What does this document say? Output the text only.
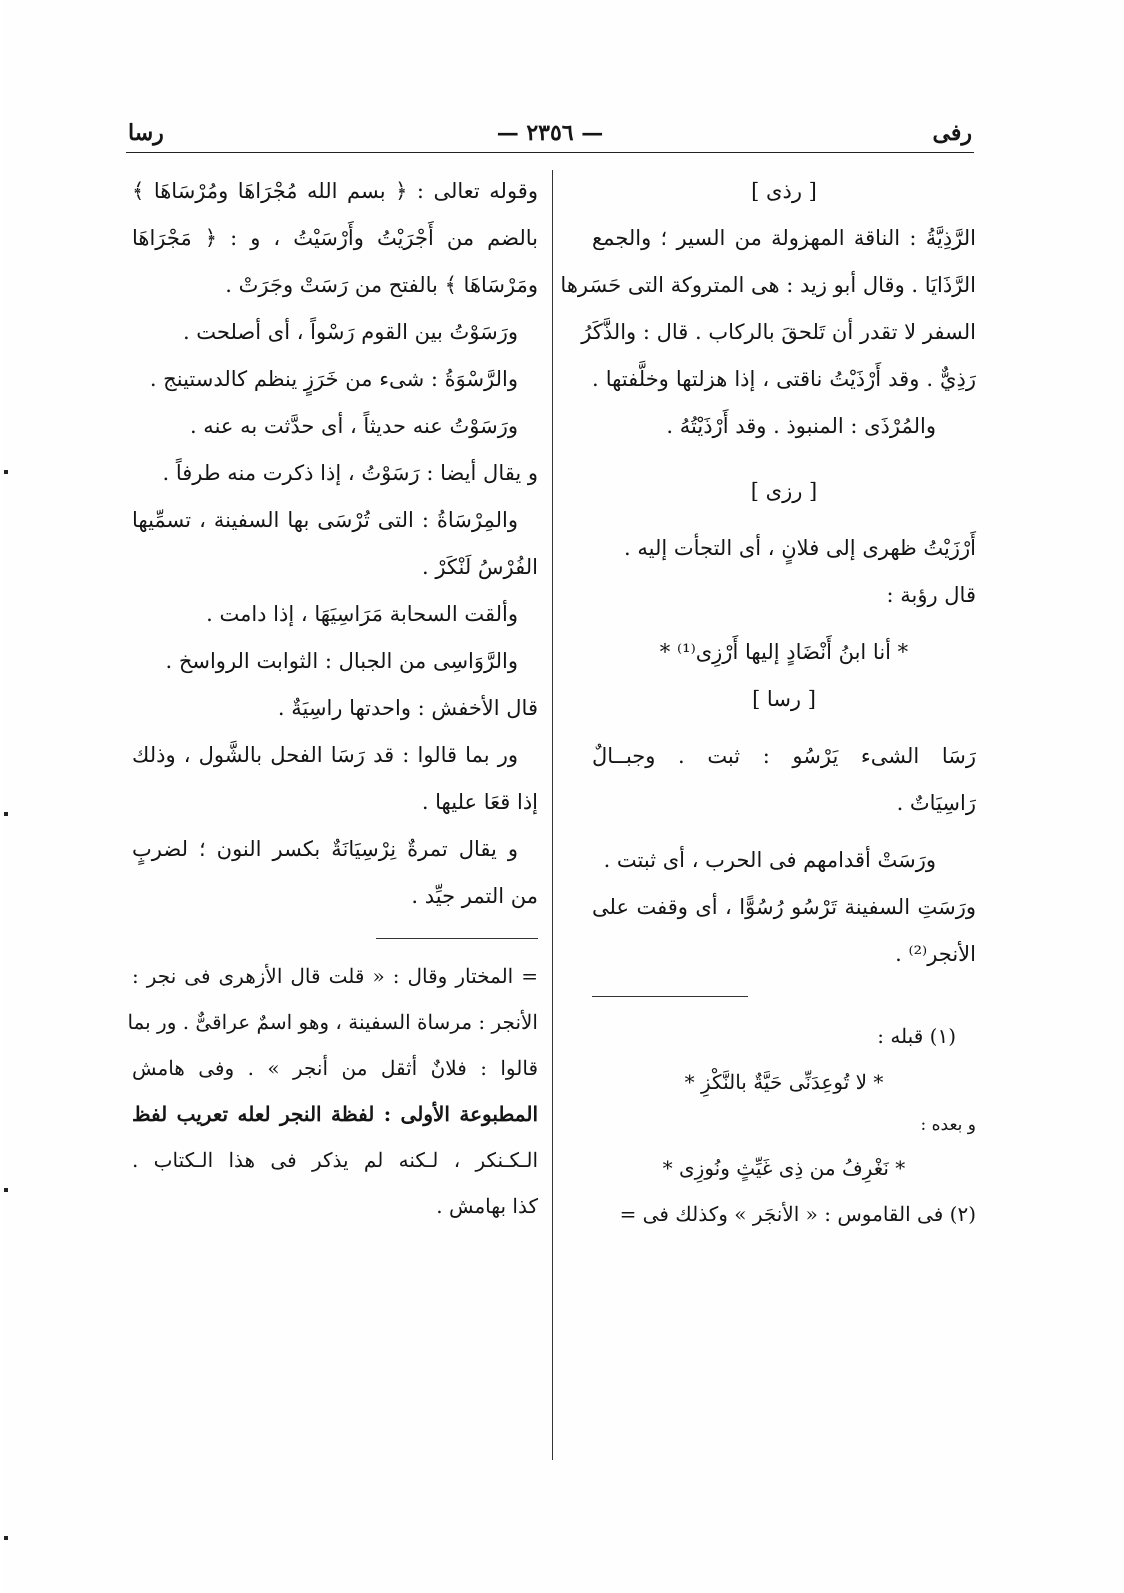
رفى
— ٢٣٥٦ —
رسا
[ رذى ]
الرَّذِيَّةُ : الناقة المهزولة من السير ؛ والجمع
الرَّذَايَا . وقال أبو زيد : هى المتروكة التى حَسَرها
السفر لا تقدر أن تَلحقَ بالركاب . قال : والذَّكَرُ
رَذِيٌّ . وقد أَرْذَيْتُ ناقتى ، إذا هزلتها وخلَّفتها .
والمُرْذَى : المنبوذ . وقد أَرْذَيْتُهُ .
[ رزى ]
أَرْزَيْتُ ظهرى إلى فلانٍ ، أى التجأت إليه .
قال رؤبة :
* أنا ابنُ أَنْضَادٍ إليها أَرْزِى⁽¹⁾ *
[ رسا ]
رَسَا الشىء يَرْسُو : ثبت . وجبــالٌ
رَاسِيَاتٌ .
ورَسَتْ أقدامهم فى الحرب ، أى ثبتت .
ورَسَتِ السفينة تَرْسُو رُسُوًّا ، أى وقفت على
الأنجر⁽²⁾ .
(١) قبله :
* لا تُوعِدَنِّى حَيَّةٌ بالنَّكْزِ *
و بعده :
* نَغْرِفُ من ذِى غَيِّثٍ ونُوزِى *
(٢) فى القاموس : « الأنجَر » وكذلك فى =
وقوله تعالى : ﴿ بسم الله مُجْرَاهَا ومُرْسَاهَا ﴾
بالضم من أَجْرَيْتُ وأَرْسَيْتُ ، و : ﴿ مَجْرَاهَا
ومَرْسَاهَا ﴾ بالفتح من رَسَتْ وجَرَتْ .
ورَسَوْتُ بين القوم رَسْواً ، أى أصلحت .
والرَّسْوَةُ : شىء من خَرَزٍ ينظم كالدستينج .
ورَسَوْتُ عنه حديثاً ، أى حدَّثت به عنه .
و يقال أيضا : رَسَوْتُ ، إذا ذكرت منه طرفاً .
والمِرْسَاةُ : التى تُرْسَى بها السفينة ، تسمِّيها
الفُرْسُ لَنْكَرْ .
وألقت السحابة مَرَاسِيَهَا ، إذا دامت .
والرَّوَاسِى من الجبال : الثوابت الرواسخ .
قال الأخفش : واحدتها راسِيَةٌ .
ور بما قالوا : قد رَسَا الفحل بالشَّول ، وذلك
إذا قعَا عليها .
و يقال تمرةٌ نِرْسِيَانَةٌ بكسر النون ؛ لضربٍ
من التمر جيِّد .
= المختار وقال : « قلت قال الأزهرى فى نجر :
الأنجر : مرساة السفينة ، وهو اسمٌ عراقىٌّ . ور بما
قالوا : فلانٌ أثقل من أنجر » . وفى هامش
المطبوعة الأولى : لفظة النجر لعله تعريب لفظ
الـكـنكر ، لـكنه لم يذكر فى هذا الـكتاب .
كذا بهامش .
